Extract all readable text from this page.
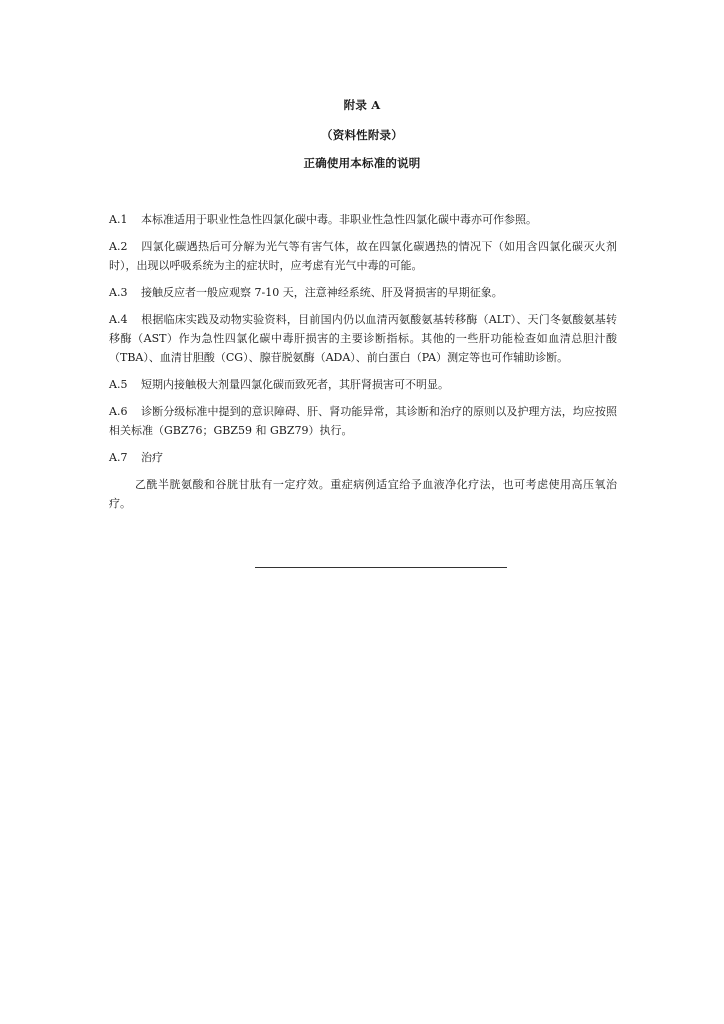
附录 A
（资料性附录）
正确使用本标准的说明

A.1 本标准适用于职业性急性四氯化碳中毒。非职业性急性四氯化碳中毒亦可作参照。

A.2 四氯化碳遇热后可分解为光气等有害气体，故在四氯化碳遇热的情况下（如用含四氯化碳灭火剂时），出现以呼吸系统为主的症状时，应考虑有光气中毒的可能。

A.3 接触反应者一般应观察 7-10 天，注意神经系统、肝及肾损害的早期征象。

A.4 根据临床实践及动物实验资料，目前国内仍以血清丙氨酸氨基转移酶（ALT）、天门冬氨酸氨基转移酶（AST）作为急性四氯化碳中毒肝损害的主要诊断指标。其他的一些肝功能检查如血清总胆汁酸（TBA）、血清甘胆酸（CG）、腺苷脱氨酶（ADA）、前白蛋白（PA）测定等也可作辅助诊断。

A.5 短期内接触极大剂量四氯化碳而致死者，其肝肾损害可不明显。

A.6 诊断分级标准中提到的意识障碍、肝、肾功能异常，其诊断和治疗的原则以及护理方法，均应按照相关标准（GBZ76；GBZ59 和 GBZ79）执行。

A.7 治疗

乙酰半胱氨酸和谷胱甘肽有一定疗效。重症病例适宜给予血液净化疗法，也可考虑使用高压氧治疗。
